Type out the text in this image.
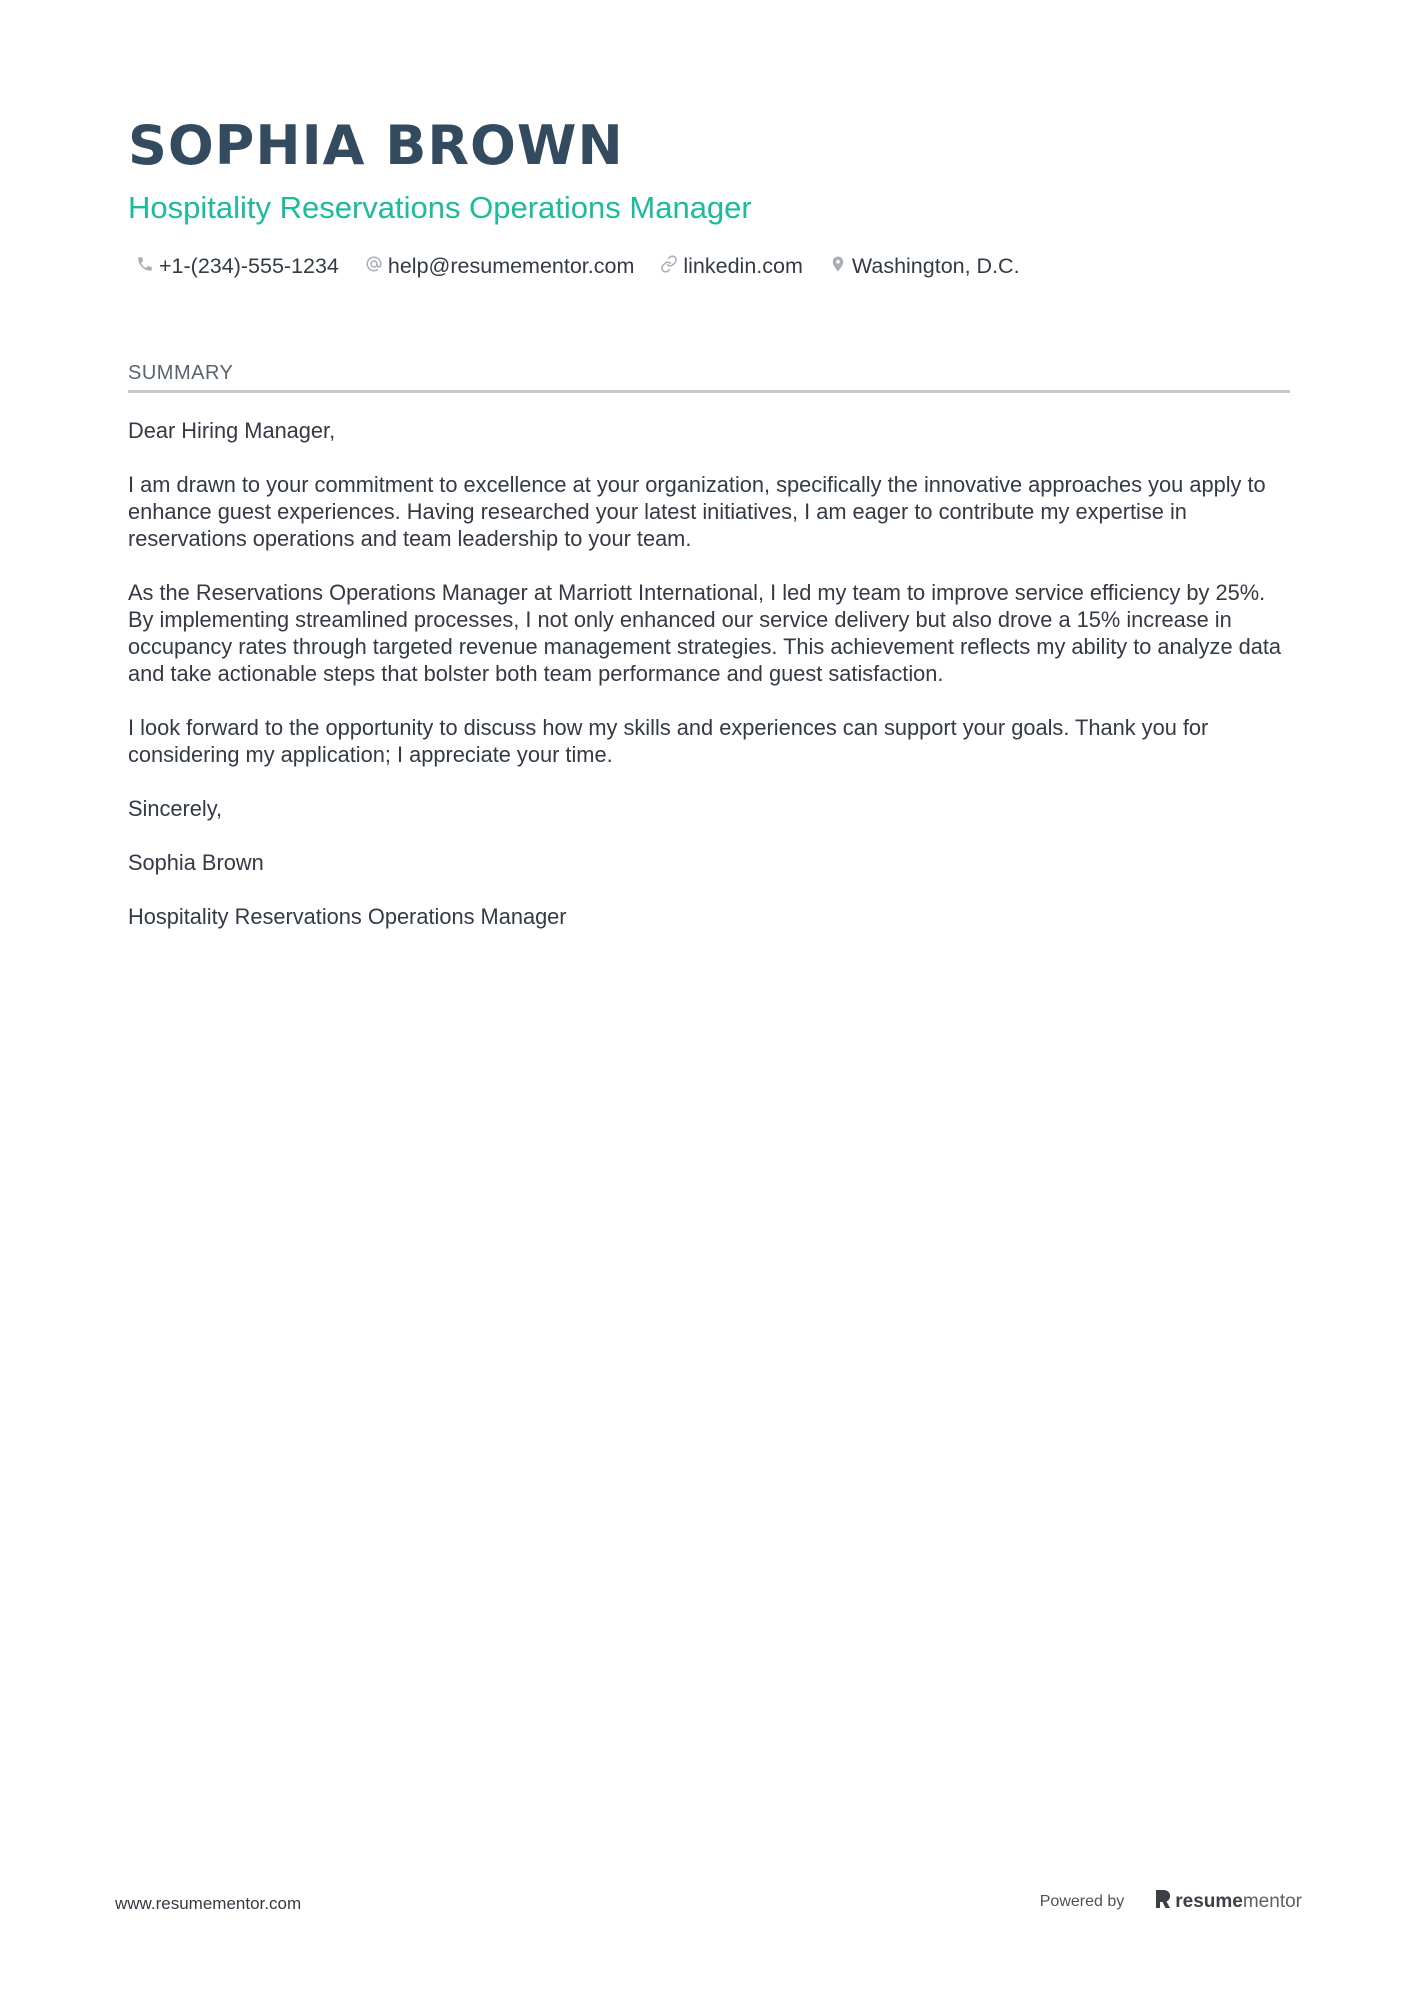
SOPHIA BROWN
Hospitality Reservations Operations Manager
+1-(234)-555-1234 help@resumementor.com linkedin.com Washington, D.C.
SUMMARY

Dear Hiring Manager,

I am drawn to your commitment to excellence at your organization, specifically the innovative approaches you apply to enhance guest experiences. Having researched your latest initiatives, I am eager to contribute my expertise in reservations operations and team leadership to your team.

As the Reservations Operations Manager at Marriott International, I led my team to improve service efficiency by 25%. By implementing streamlined processes, I not only enhanced our service delivery but also drove a 15% increase in occupancy rates through targeted revenue management strategies. This achievement reflects my ability to analyze data and take actionable steps that bolster both team performance and guest satisfaction.

I look forward to the opportunity to discuss how my skills and experiences can support your goals. Thank you for considering my application; I appreciate your time.

Sincerely,

Sophia Brown

Hospitality Reservations Operations Manager

www.resumementor.com	Powered by	resume mentor
